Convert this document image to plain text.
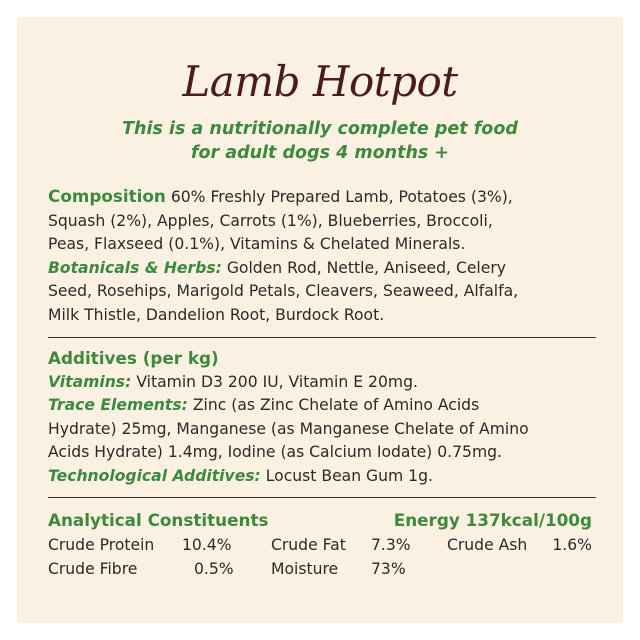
Lamb Hotpot
This is a nutritionally complete pet food
for adult dogs 4 months +
Composition 60% Freshly Prepared Lamb, Potatoes (3%),
Squash (2%), Apples, Carrots (1%), Blueberries, Broccoli,
Peas, Flaxseed (0.1%), Vitamins & Chelated Minerals.
Botanicals & Herbs: Golden Rod, Nettle, Aniseed, Celery
Seed, Rosehips, Marigold Petals, Cleavers, Seaweed, Alfalfa,
Milk Thistle, Dandelion Root, Burdock Root.
Additives (per kg)
Vitamins: Vitamin D3 200 IU, Vitamin E 20mg.
Trace Elements: Zinc (as Zinc Chelate of Amino Acids
Hydrate) 25mg, Manganese (as Manganese Chelate of Amino
Acids Hydrate) 1.4mg, Iodine (as Calcium Iodate) 0.75mg.
Technological Additives: Locust Bean Gum 1g.
Analytical Constituents	Energy 137kcal/100g
Crude Protein 10.4%	Crude Fat 7.3% Crude Ash 1.6%
Crude Fibre	0.5% Moisture 73%
